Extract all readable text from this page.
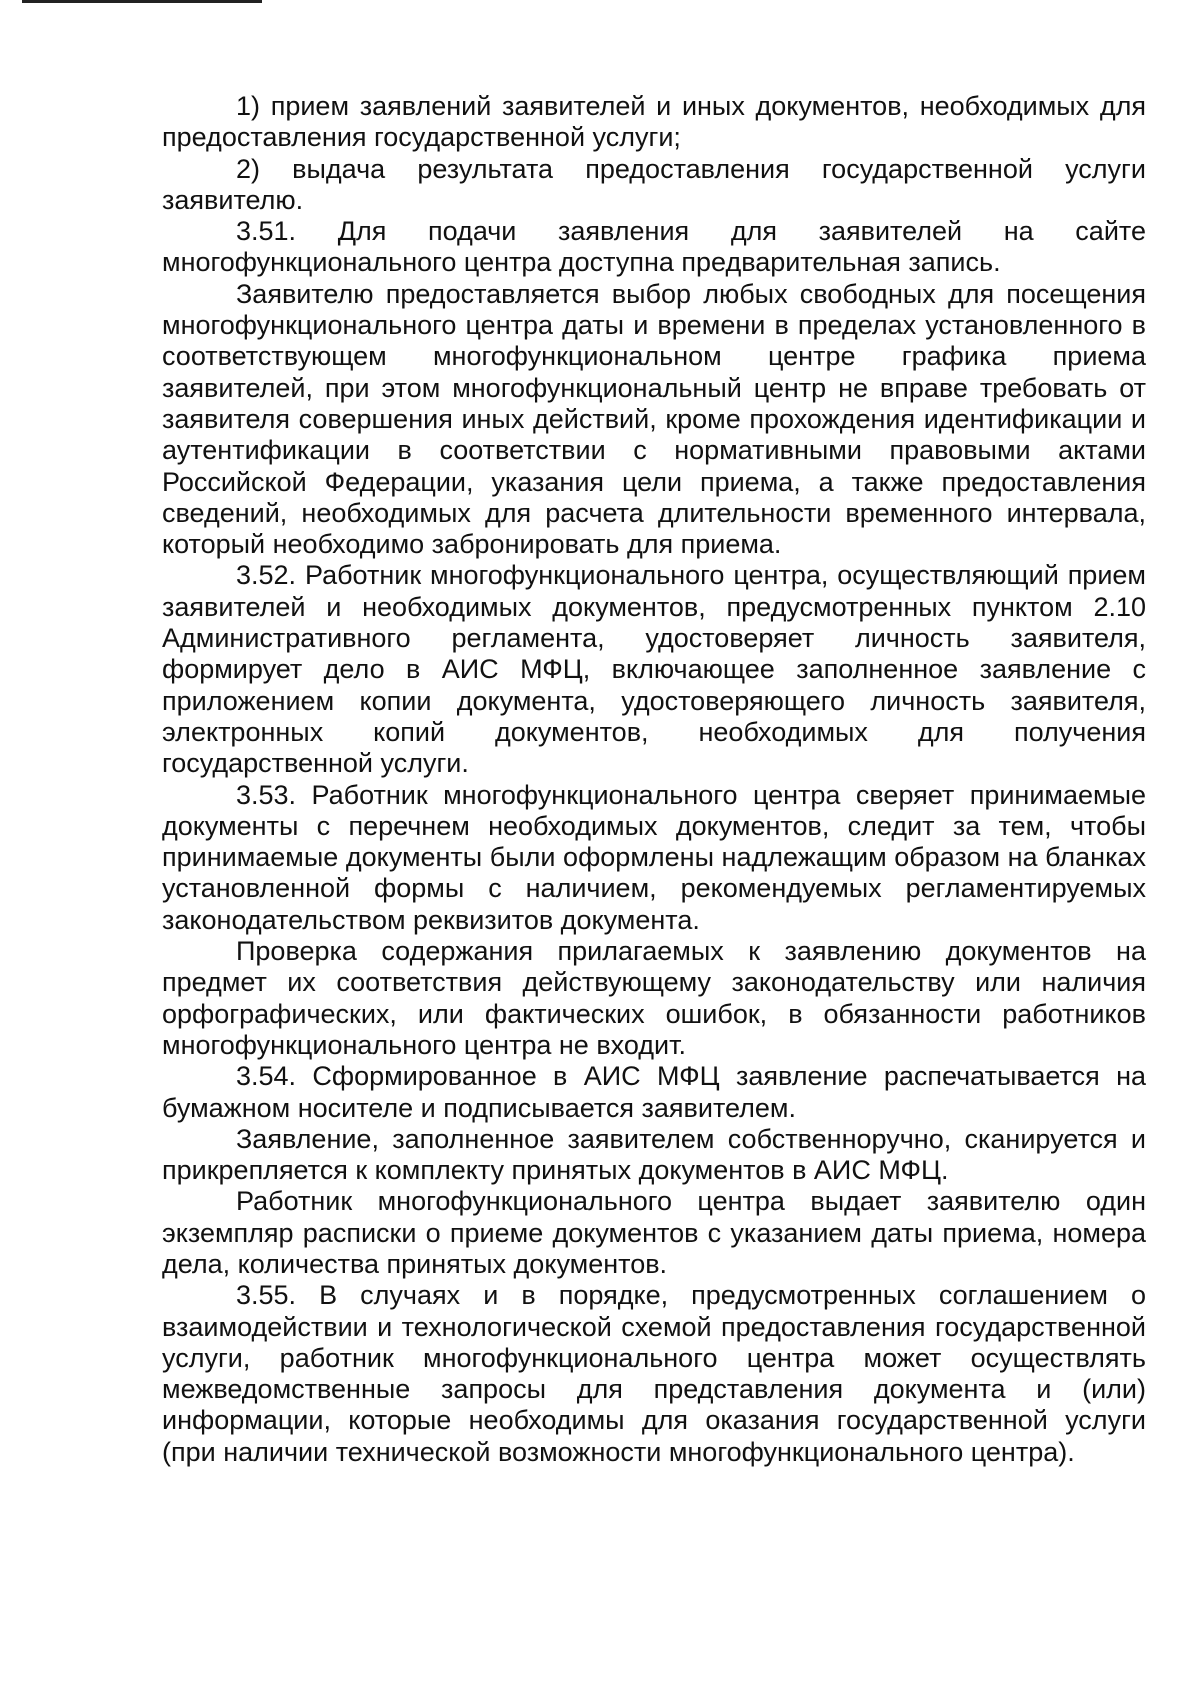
1) прием заявлений заявителей и иных документов, необходимых для предоставления государственной услуги;

2) выдача результата предоставления государственной услуги заявителю.

3.51. Для подачи заявления для заявителей на сайте многофункционального центра доступна предварительная запись.

Заявителю предоставляется выбор любых свободных для посещения многофункционального центра даты и времени в пределах установленного в соответствующем многофункциональном центре графика приема заявителей, при этом многофункциональный центр не вправе требовать от заявителя совершения иных действий, кроме прохождения идентификации и аутентификации в соответствии с нормативными правовыми актами Российской Федерации, указания цели приема, а также предоставления сведений, необходимых для расчета длительности временного интервала, который необходимо забронировать для приема.

3.52. Работник многофункционального центра, осуществляющий прием заявителей и необходимых документов, предусмотренных пунктом 2.10 Административного регламента, удостоверяет личность заявителя, формирует дело в АИС МФЦ, включающее заполненное заявление с приложением копии документа, удостоверяющего личность заявителя, электронных копий документов, необходимых для получения государственной услуги.

3.53. Работник многофункционального центра сверяет принимаемые документы с перечнем необходимых документов, следит за тем, чтобы принимаемые документы были оформлены надлежащим образом на бланках установленной формы с наличием, рекомендуемых регламентируемых законодательством реквизитов документа.

Проверка содержания прилагаемых к заявлению документов на предмет их соответствия действующему законодательству или наличия орфографических, или фактических ошибок, в обязанности работников многофункционального центра не входит.

3.54. Сформированное в АИС МФЦ заявление распечатывается на бумажном носителе и подписывается заявителем.

Заявление, заполненное заявителем собственноручно, сканируется и прикрепляется к комплекту принятых документов в АИС МФЦ.

Работник многофункционального центра выдает заявителю один экземпляр расписки о приеме документов с указанием даты приема, номера дела, количества принятых документов.

3.55. В случаях и в порядке, предусмотренных соглашением о взаимодействии и технологической схемой предоставления государственной услуги, работник многофункционального центра может осуществлять межведомственные запросы для представления документа и (или) информации, которые необходимы для оказания государственной услуги (при наличии технической возможности многофункционального центра).
